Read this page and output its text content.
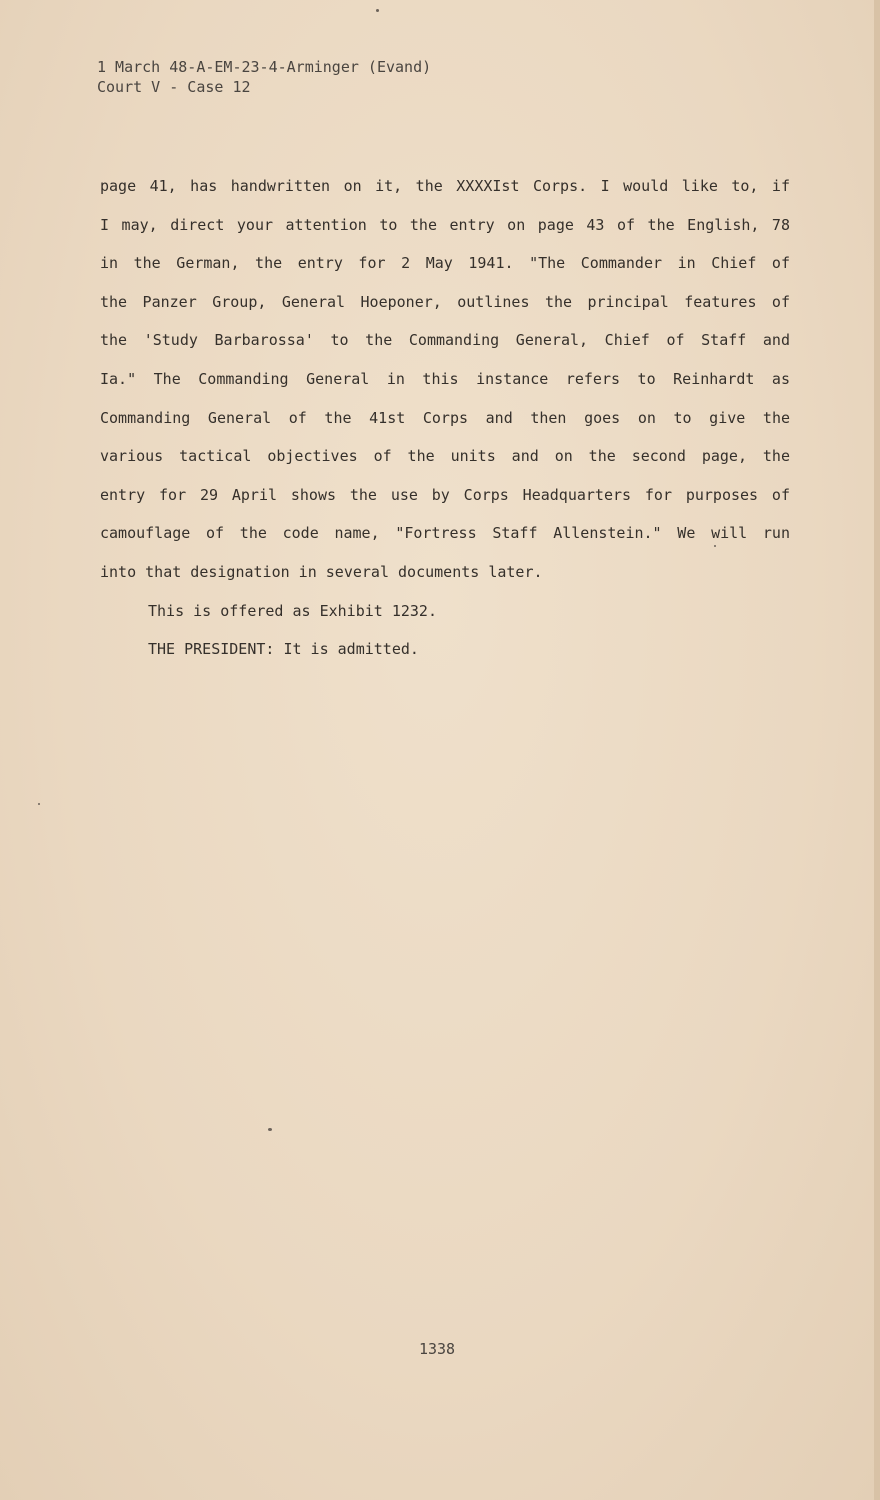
1 March 48-A-EM-23-4-Arminger (Evand)
Court V - Case 12
page 41, has handwritten on it, the XXXXIst Corps. I would like to, if
I may, direct your attention to the entry on page 43 of the English, 78
in the German, the entry for 2 May 1941. "The Commander in Chief of
the Panzer Group, General Hoeponer, outlines the principal features of
the 'Study Barbarossa' to the Commanding General, Chief of Staff and
Ia." The Commanding General in this instance refers to Reinhardt as
Commanding General of the 41st Corps and then goes on to give the
various tactical objectives of the units and on the second page, the
entry for 29 April shows the use by Corps Headquarters for purposes of
camouflage of the code name, "Fortress Staff Allenstein." We will run
into that designation in several documents later.
This is offered as Exhibit 1232.
THE PRESIDENT: It is admitted.
1338
